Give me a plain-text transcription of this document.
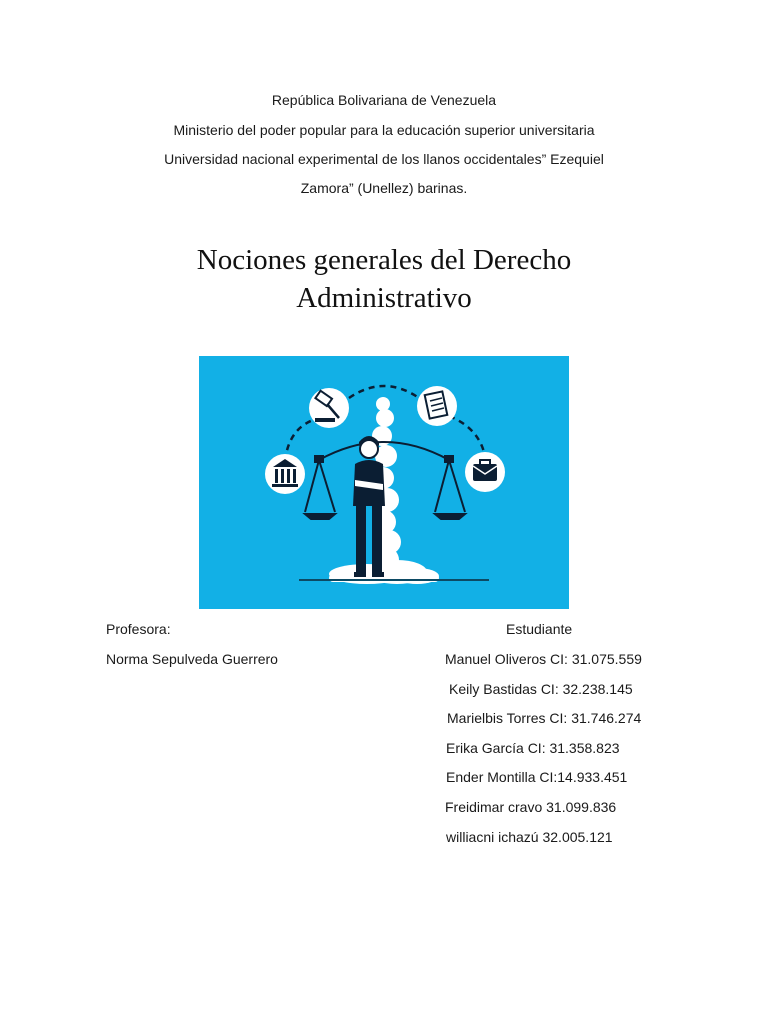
República Bolivariana de Venezuela
Ministerio del poder popular para la educación superior universitaria
Universidad nacional experimental de los llanos occidentales” Ezequiel
Zamora” (Unellez) barinas.
Nociones generales del Derecho
Administrativo
Profesora:
Norma Sepulveda Guerrero
Estudiante
Manuel Oliveros CI: 31.075.559
Keily Bastidas CI: 32.238.145
Marielbis Torres CI: 31.746.274
Erika García CI: 31.358.823
Ender Montilla CI:14.933.451
Freidimar cravo 31.099.836
williacni ichazú 32.005.121
